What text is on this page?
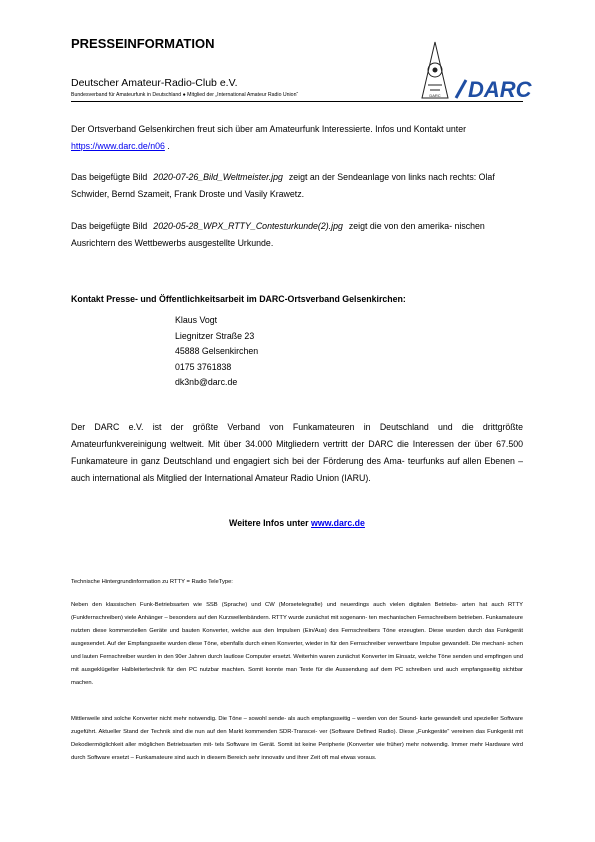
PRESSEINFORMATION
Deutscher Amateur-Radio-Club e.V.
Bundesverband für Amateurfunk in Deutschland ● Mitglied der „International Amateur Radio Union“	DARC DARC
Der Ortsverband Gelsenkirchen freut sich über am Amateurfunk Interessierte. Infos und Kontakt unter https://www.darc.de/n06 .
Das beigefügte Bild 2020-07-26_Bild_Weltmeister.jpg zeigt an der Sendeanlage von links nach rechts: Olaf Schwider, Bernd Szameit, Frank Droste und Vasily Krawetz.
Das beigefügte Bild 2020-05-28_WPX_RTTY_Contesturkunde(2).jpg zeigt die von den amerika- nischen Ausrichtern des Wettbewerbs ausgestellte Urkunde.
Kontakt Presse- und Öffentlichkeitsarbeit im DARC-Ortsverband Gelsenkirchen:
Klaus Vogt
Liegnitzer Straße 23
45888 Gelsenkirchen
0175 3761838
dk3nb@darc.de
Der DARC e.V. ist der größte Verband von Funkamateuren in Deutschland und die drittgrößte Amateurfunkvereinigung weltweit. Mit über 34.000 Mitgliedern vertritt der DARC die Interessen der über 67.500 Funkamateure in ganz Deutschland und engagiert sich bei der Förderung des Ama- teurfunks auf allen Ebenen – auch international als Mitglied der International Amateur Radio Union (IARU).
Weitere Infos unter www.darc.de
Technische Hintergrundinformation zu RTTY = Radio TeleType:
Neben den klassischen Funk-Betriebsarten wie SSB (Sprache) und CW (Morsetelegrafie) und neuerdings auch vielen digitalen Betriebs- arten hat auch RTTY (Funkfernschreiben) viele Anhänger – besonders auf den Kurzwellenbändern. RTTY wurde zunächst mit sogenann- ten mechanischen Fernschreibern betrieben. Funkamateure nutzten diese kommerziellen Geräte und bauten Konverter, welche aus den Impulsen (Ein/Aus) des Fernschreibers Töne erzeugten. Diese wurden durch das Funkgerät ausgesendet. Auf der Empfangsseite wurden diese Töne, ebenfalls durch einen Konverter, wieder in für den Fernschreiber verwertbare Impulse gewandelt. Die mechani- schen und lauten Fernschreiber wurden in den 90er Jahren durch lautlose Computer ersetzt. Weiterhin waren zunächst Konverter im Einsatz, welche Töne senden und empfingen und mit ausgeklügelter Halbleitertechnik für den PC nutzbar machten. Somit konnte man Texte für die Aussendung auf dem PC schreiben und auch empfangsseitig sichtbar machen.
Mittlerweile sind solche Konverter nicht mehr notwendig. Die Töne – sowohl sende- als auch empfangsseitig – werden von der Sound- karte gewandelt und spezieller Software zugeführt. Aktueller Stand der Technik sind die nun auf den Markt kommenden SDR-Transcei- ver (Software Defined Radio). Diese „Funkgeräte“ vereinen das Funkgerät mit Dekodiermöglichkeit aller möglichen Betriebsarten mit- tels Software im Gerät. Somit ist keine Peripherie (Konverter wie früher) mehr notwendig. Immer mehr Hardware wird durch Software ersetzt – Funkamateure sind auch in diesem Bereich sehr innovativ und ihrer Zeit oft mal etwas voraus.
